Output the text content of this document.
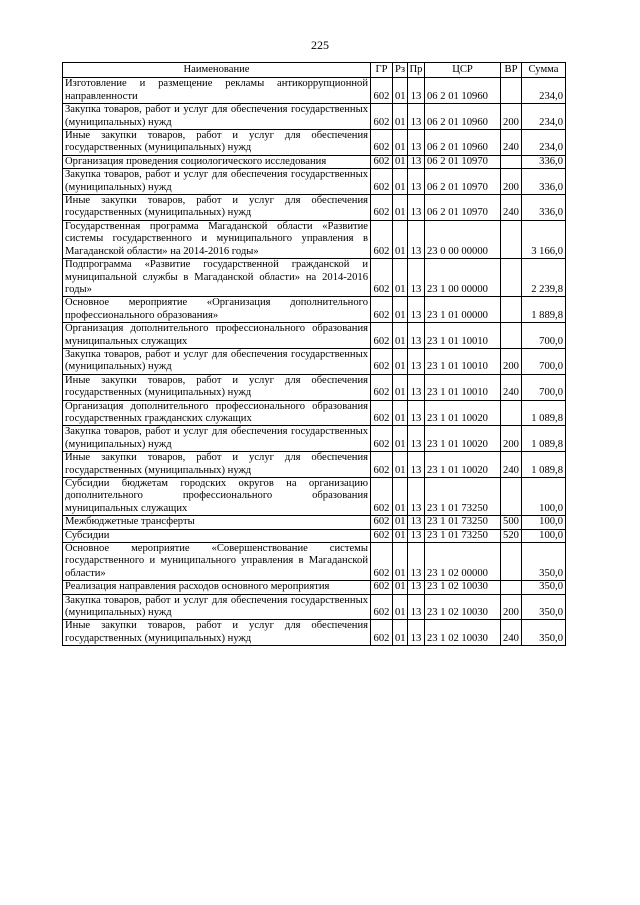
225
Наименование	ГР	Рз	Пр	ЦСР	ВР	Сумма
Изготовление и размещение рекламы антикоррупционной направленности	602	01	13	06 2 01 10960		234,0
Закупка товаров, работ и услуг для обеспечения государственных (муниципальных) нужд	602	01	13	06 2 01 10960	200	234,0
Иные закупки товаров, работ и услуг для обеспечения государственных (муниципальных) нужд	602	01	13	06 2 01 10960	240	234,0
Организация проведения социологического исследования	602	01	13	06 2 01 10970		336,0
Закупка товаров, работ и услуг для обеспечения государственных (муниципальных) нужд	602	01	13	06 2 01 10970	200	336,0
Иные закупки товаров, работ и услуг для обеспечения государственных (муниципальных) нужд	602	01	13	06 2 01 10970	240	336,0
Государственная программа Магаданской области «Развитие системы государственного и муниципального управления в Магаданской области» на 2014-2016 годы»	602	01	13	23 0 00 00000		3 166,0
Подпрограмма «Развитие государственной гражданской и муниципальной службы в Магаданской области» на 2014-2016 годы»	602	01	13	23 1 00 00000		2 239,8
Основное мероприятие «Организация дополнительного профессионального образования»	602	01	13	23 1 01 00000		1 889,8
Организация дополнительного профессионального образования муниципальных служащих	602	01	13	23 1 01 10010		700,0
Закупка товаров, работ и услуг для обеспечения государственных (муниципальных) нужд	602	01	13	23 1 01 10010	200	700,0
Иные закупки товаров, работ и услуг для обеспечения государственных (муниципальных) нужд	602	01	13	23 1 01 10010	240	700,0
Организация дополнительного профессионального образования государственных гражданских служащих	602	01	13	23 1 01 10020		1 089,8
Закупка товаров, работ и услуг для обеспечения государственных (муниципальных) нужд	602	01	13	23 1 01 10020	200	1 089,8
Иные закупки товаров, работ и услуг для обеспечения государственных (муниципальных) нужд	602	01	13	23 1 01 10020	240	1 089,8
Субсидии бюджетам городских округов на организацию дополнительного профессионального образования муниципальных служащих	602	01	13	23 1 01 73250		100,0
Межбюджетные трансферты	602	01	13	23 1 01 73250	500	100,0
Субсидии	602	01	13	23 1 01 73250	520	100,0
Основное мероприятие «Совершенствование системы государственного и муниципального управления в Магаданской области»	602	01	13	23 1 02 00000		350,0
Реализация направления расходов основного мероприятия	602	01	13	23 1 02 10030		350,0
Закупка товаров, работ и услуг для обеспечения государственных (муниципальных) нужд	602	01	13	23 1 02 10030	200	350,0
Иные закупки товаров, работ и услуг для обеспечения государственных (муниципальных) нужд	602	01	13	23 1 02 10030	240	350,0
